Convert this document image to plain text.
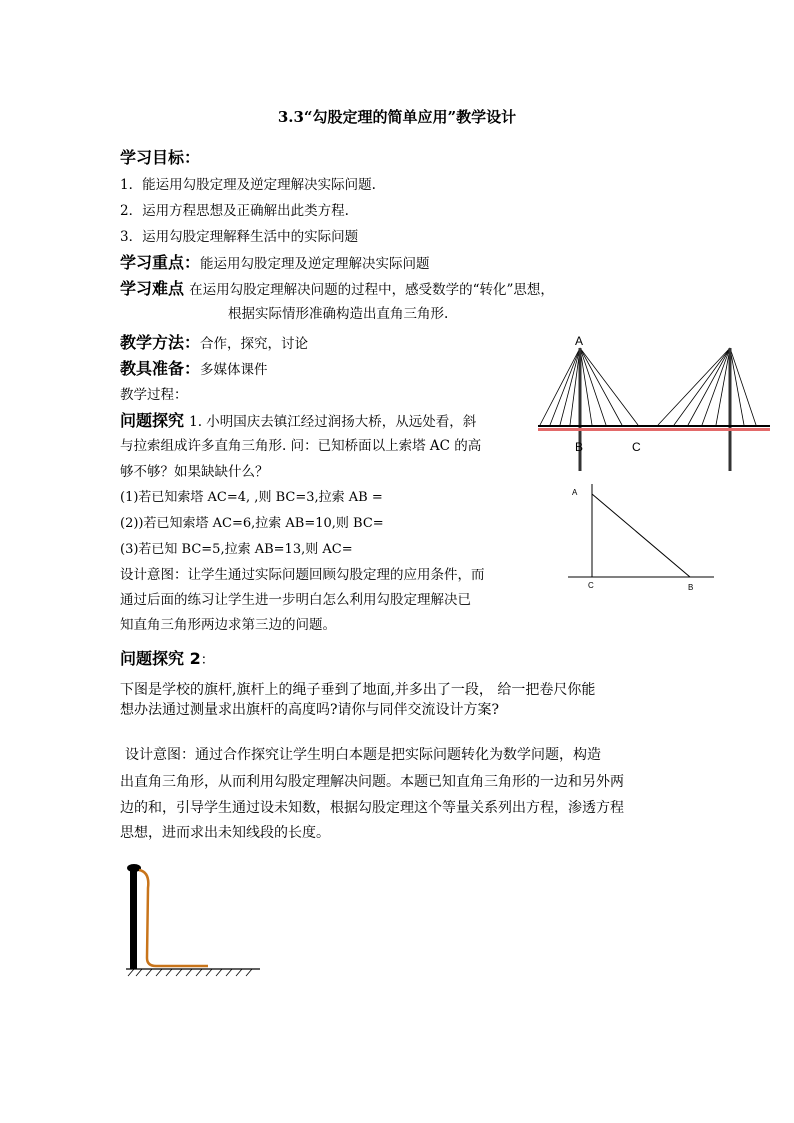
3.3“勾股定理的简单应用”教学设计
学习目标：
1．能运用勾股定理及逆定理解决实际问题.
2．运用方程思想及正确解出此类方程.
3．运用勾股定理解释生活中的实际问题
学习重点：能运用勾股定理及逆定理解决实际问题
学习难点 在运用勾股定理解决问题的过程中，感受数学的“转化”思想，
根据实际情形准确构造出直角三角形.
教学方法：合作，探究，讨论
教具准备：多媒体课件
教学过程：
问题探究 1. 小明国庆去镇江经过润扬大桥，从远处看，斜
与拉索组成许多直角三角形. 问：已知桥面以上索塔 AC 的高
够不够？如果缺缺什么？
(1)若已知索塔 AC=4, ,则 BC=3,拉索 AB =
(2))若已知索塔 AC=6,拉索 AB=10,则 BC=
(3)若已知 BC=5,拉索 AB=13,则 AC=
设计意图：让学生通过实际问题回顾勾股定理的应用条件，而
通过后面的练习让学生进一步明白怎么利用勾股定理解决已
知直角三角形两边求第三边的问题。
A
B	C
A
C	B
问题探究 2：
下图是学校的旗杆,旗杆上的绳子垂到了地面,并多出了一段， 给一把卷尺你能
想办法通过测量求出旗杆的高度吗?请你与同伴交流设计方案?
设计意图：通过合作探究让学生明白本题是把实际问题转化为数学问题，构造
出直角三角形，从而利用勾股定理解决问题。本题已知直角三角形的一边和另外两
边的和，引导学生通过设未知数，根据勾股定理这个等量关系列出方程，渗透方程
思想，进而求出未知线段的长度。
